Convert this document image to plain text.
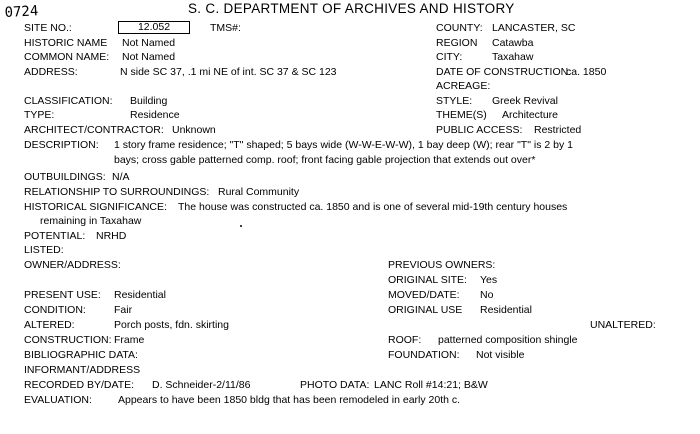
0724	S. C. DEPARTMENT OF ARCHIVES AND HISTORY
SITE NO.:	12.052	TMS#:	COUNTY: LANCASTER, SC
HISTORIC NAME Not Named	REGION Catawba
COMMON NAME: Not Named	CITY:	Taxahaw
ADDRESS:	N side SC 37, .1 mi NE of int. SC 37 & SC 123	DATE OF CONSTRUCTION:
ca. 1850
ACREAGE:
CLASSIFICATION: Building	STYLE: Greek Revival
TYPE:	Residence	THEME(S) Architecture
ARCHITECT/CONTRACTOR: Unknown	PUBLIC ACCESS: Restricted
DESCRIPTION: 1 story frame residence; "T" shaped; 5 bays wide (W-W-E-W-W), 1 bay deep (W); rear "T" is 2 by 1
bays; cross gable patterned comp. roof; front facing gable projection that extends out over*
OUTBUILDINGS: N/A
RELATIONSHIP TO SURROUNDINGS: Rural Community
HISTORICAL SIGNIFICANCE: The house was constructed ca. 1850 and is one of several mid-19th century houses
remaining in Taxahaw
POTENTIAL: NRHD
LISTED:
OWNER/ADDRESS:	PREVIOUS OWNERS:
ORIGINAL SITE: Yes
PRESENT USE: Residential	MOVED/DATE: No
CONDITION:	Fair	ORIGINAL USE Residential
ALTERED:	Porch posts, fdn. skirting	UNALTERED:
CONSTRUCTION: Frame	ROOF: patterned composition shingle
BIBLIOGRAPHIC DATA:	FOUNDATION: Not visible
INFORMANT/ADDRESS
RECORDED BY/DATE: D. Schneider-2/11/86	PHOTO DATA: LANC Roll #14:21; B&W
EVALUATION: Appears to have been 1850 bldg that has been remodeled in early 20th c.
